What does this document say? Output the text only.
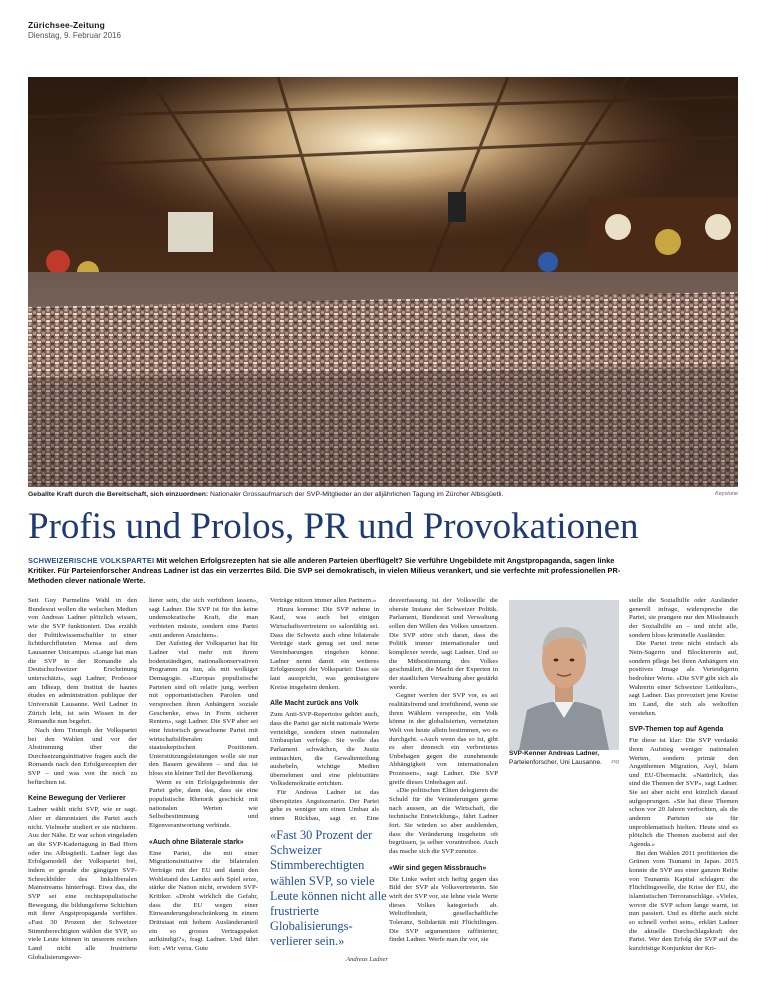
Zürichsee-Zeitung
Dienstag, 9. Februar 2016
Geballte Kraft durch die Bereitschaft, sich einzuordnen: Nationaler Grossaufmarsch der SVP-Mitglieder an der alljährlichen Tagung im Zürcher Albisgüetli.	Keystone
Profis und Prolos, PR und Provokationen
SCHWEIZERISCHE VOLKSPARTEI Mit welchen Erfolgsrezepten hat sie alle anderen Parteien überflügelt? Sie verführe Ungebildete mit Angstpropaganda, sagen linke Kritiker. Für Parteienforscher Andreas Ladner ist das ein verzerrtes Bild. Die SVP sei demokratisch, in vielen Milieus verankert, und sie verfechte mit professionellen PR-Methoden clever nationale Werte.

Seit Guy Parmelins Wahl in den Bundesrat wollen die welschen Medien von Andreas Ladner plötzlich wissen, wie die SVP funktioniert. Das erzählt der Politikwissenschaftler in einer lichtdurchfluteten Mensa auf dem Lausanner Unicampus. «Lange hat man die SVP in der Romandie als Deutschschweizer Erscheinung unterschätzt», sagt Ladner, Professor am Idheap, dem Institut de hautes études en administration publique der Universität Lausanne. Weil Ladner in Zürich lebt, ist sein Wissen in der Romandie nun begehrt.

Nach dem Triumph der Volkspartei bei den Wahlen und vor der Abstimmung über die Durchsetzungsinitiative fragen auch die Romands nach den Erfolgsrezepten der SVP – und was von ihr noch zu befürchten ist.

Keine Bewegung der Verlierer

Ladner wählt nicht SVP, wie er sagt. Aber er dämonisiert die Partei auch nicht. Vielmehr studiert er sie nüchtern. Aus der Nähe. Er war schon eingeladen an die SVP-Kadertagung in Bad Horn oder ins Albisgüetli. Ladner legt das Erfolgsmodell der Volkspartei frei, indem er gerade die gängigen SVP-Schreckbilder des linksliberalen Mainstreams hinterfragt. Etwa das, die SVP sei eine rechtspopulistische Bewegung, die bildungsferne Schichten mit ihrer Angstpropaganda verführe. «Fast 30 Prozent der Schweizer Stimmberechtigten wählen die SVP, so viele Leute können in unserem reichen Land nicht alle frustrierte Globalisierungsver-

lierer sein, die sich verführen lassen», sagt Ladner. Die SVP ist für ihn keine undemokratische Kraft, die man verbieten müsste, sondern eine Partei «mit anderen Ansichten».

Der Aufstieg der Volkspartei hat für Ladner viel mehr mit ihrem bodenständigen, nationalkonservativen Programm zu tun, als mit wolkiger Demagogie. «Europas populistische Parteien sind oft relativ jung, werben mit opportunistischen Parolen und versprechen ihren Anhängern soziale Geschenke, etwa in Form sicherer Renten», sagt Ladner. Die SVP aber sei eine historisch gewachsene Partei mit wirtschaftsliberalen und staatsskeptischen Positionen. Unterstützungsleistungen wolle sie nur den Bauern gewähren – und das ist bloss ein kleiner Teil der Bevölkerung.

Wenn es ein Erfolgsgeheimnis der Partei gebe, dann das, dass sie eine populistische Rhetorik geschickt mit nationalen Werten wie Selbstbestimmung und Eigenverantwortung verbinde.

«Auch ohne Bilaterale stark»

Eine Partei, die mit einer Migrationsinitiative die bilateralen Verträge mit der EU und damit den Wohlstand des Landes aufs Spiel setze, stärke die Nation nicht, erwidern SVP-Kritiker. «Droht wirklich die Gefahr, dass die EU wegen einer Einwanderungsbeschränkung in einem Drittstaat mit hohem Ausländeranteil ein so grosses Vertragspaket aufkündigt?», fragt Ladner. Und fährt fort: «Wir verra. Gute

Verträge nützen immer allen Partnern.»

Hinzu komme: Die SVP nehme in Kauf, was auch bei einigen Wirtschaftsvertretern so salonfähig sei. Dass die Schweiz auch ohne bilaterale Verträge stark genug sei und neue Vereinbarungen eingehen könne. Ladner nennt damit ein weiteres Erfolgsrezept der Volkspartei: Dass sie laut ausspricht, was gemässigtere Kreise insgeheim denken.

Alle Macht zurück ans Volk

Zum Anti-SVP-Repertoire gehört auch, dass die Partei gar nicht nationale Werte verteidige, sondern einen nationalen Umbauplan verfolge. Sie wolle das Parlament schwächen, die Justiz entmachten, die Gewaltenteilung aushebeln, wichtige Medien übernehmen und eine plebiszitäre Volksdemokratie errichten.

Für Andreas Ladner ist das überspitztes Angstszenario. Der Partei gehe es weniger um einen Umbau als einen Rückbau, sagt er. Eine

«Fast 30 Prozent der Schweizer Stimmberechtigten wählen SVP, so viele Leute können nicht alle frustrierte Globalisierungsverlierer sein.»
Andreas Ladner

desverfassung ist der Volkswille die oberste Instanz der Schweizer Politik. Parlament, Bundesrat und Verwaltung sollen den Willen des Volkes umsetzen. Die SVP störe sich daran, dass die Politik immer internationaler und komplexer werde, sagt Ladner. Und so die Mitbestimmung des Volkes geschmälert, die Macht der Experten in der staatlichen Verwaltung aber gestärkt werde.

Gegner werfen der SVP vor, es sei realitätsfremd und irreführend, wenn sie ihren Wählern verspreche, ein Volk könne in der globalisierten, vernetzten Welt von heute allein bestimmen, wo es durchgeht. «Auch wenn das so ist, gibt es aber dennoch ein verbreitetes Unbehagen gegen die zunehmende Abhängigkeit von internationalen Prozessen», sagt Ladner. Die SVP greife dieses Unbehagen auf.

«Die politischen Eliten delegieren die Schuld für die Veränderungen gerne nach aussen, an die Wirtschaft, die technische Entwicklung», fährt Ladner fort. Sie würden so aber ausblenden, dass die Veränderung insgeheim oft begrüssen, ja selber vorantreiben. Auch das mache sich die SVP zunutze.

«Wir sind gegen Missbrauch»

Die Linke wehrt sich heftig gegen das Bild der SVP als Volksvertreterin. Sie wirft der SVP vor, sie lehne viele Werte dieses Volkes kategorisch ab. Weltoffenheit, gesellschaftliche Toleranz, Solidarität mit Flüchtlingen. Die SVP argumentiere raffinierter, findet Ladner. Werfe man ihr vor, sie

SVP-Kenner Andreas Ladner,
Parteienforscher, Uni Lausanne. zvg

stelle die Sozialhilfe oder Ausländer generell infrage, widerspreche die Partei, sie prangere nur den Missbrauch der Sozialhilfe an – und nicht alle, sondern bloss kriminelle Ausländer.

Die Partei trete nicht einfach als Nein-Sagerin und Blockiererin auf, sondern pflege bei ihren Anhängern ein positives Image als Verteidigerin bedrohter Werte. «Die SVP gibt sich als Wahrerin einer Schweizer Leitkultur», sagt Ladner. Das provoziert jene Kreise im Land, die sich als weltoffen verstehen.

SVP-Themen top auf Agenda

Für diese ist klar: Die SVP verdankt ihren Aufstieg weniger nationalen Werten, sondern primär den Angstthemen Migration, Asyl, Islam und EU-Übermacht. «Natürlich, das sind die Themen der SVP», sagt Ladner. Sie sei aber nicht erst kürzlich darauf aufgesprungen. «Sie hat diese Themen schon vor 20 Jahren verfochten, als die anderen Parteien sie für unproblematisch hielten. Heute sind es plötzlich die Themen zuoberst auf der Agenda.»

Bei den Wahlen 2011 profitierten die Grünen vom Tsunami in Japan. 2015 konnte die SVP aus einer ganzen Reihe von Tsunamis Kapital schlagen: die Flüchtlingswelle, die Krise der EU, die islamistischen Terroranschläge. «Vieles, wovor die SVP schon lange warnt, ist nun passiert. Und es dürfte auch nicht so schnell vorbei sein», erklärt Ladner die aktuelle Durchschlagskraft der Partei. Wer den Erfolg der SVP auf die kurzfristige Konjunktur der Kri-
